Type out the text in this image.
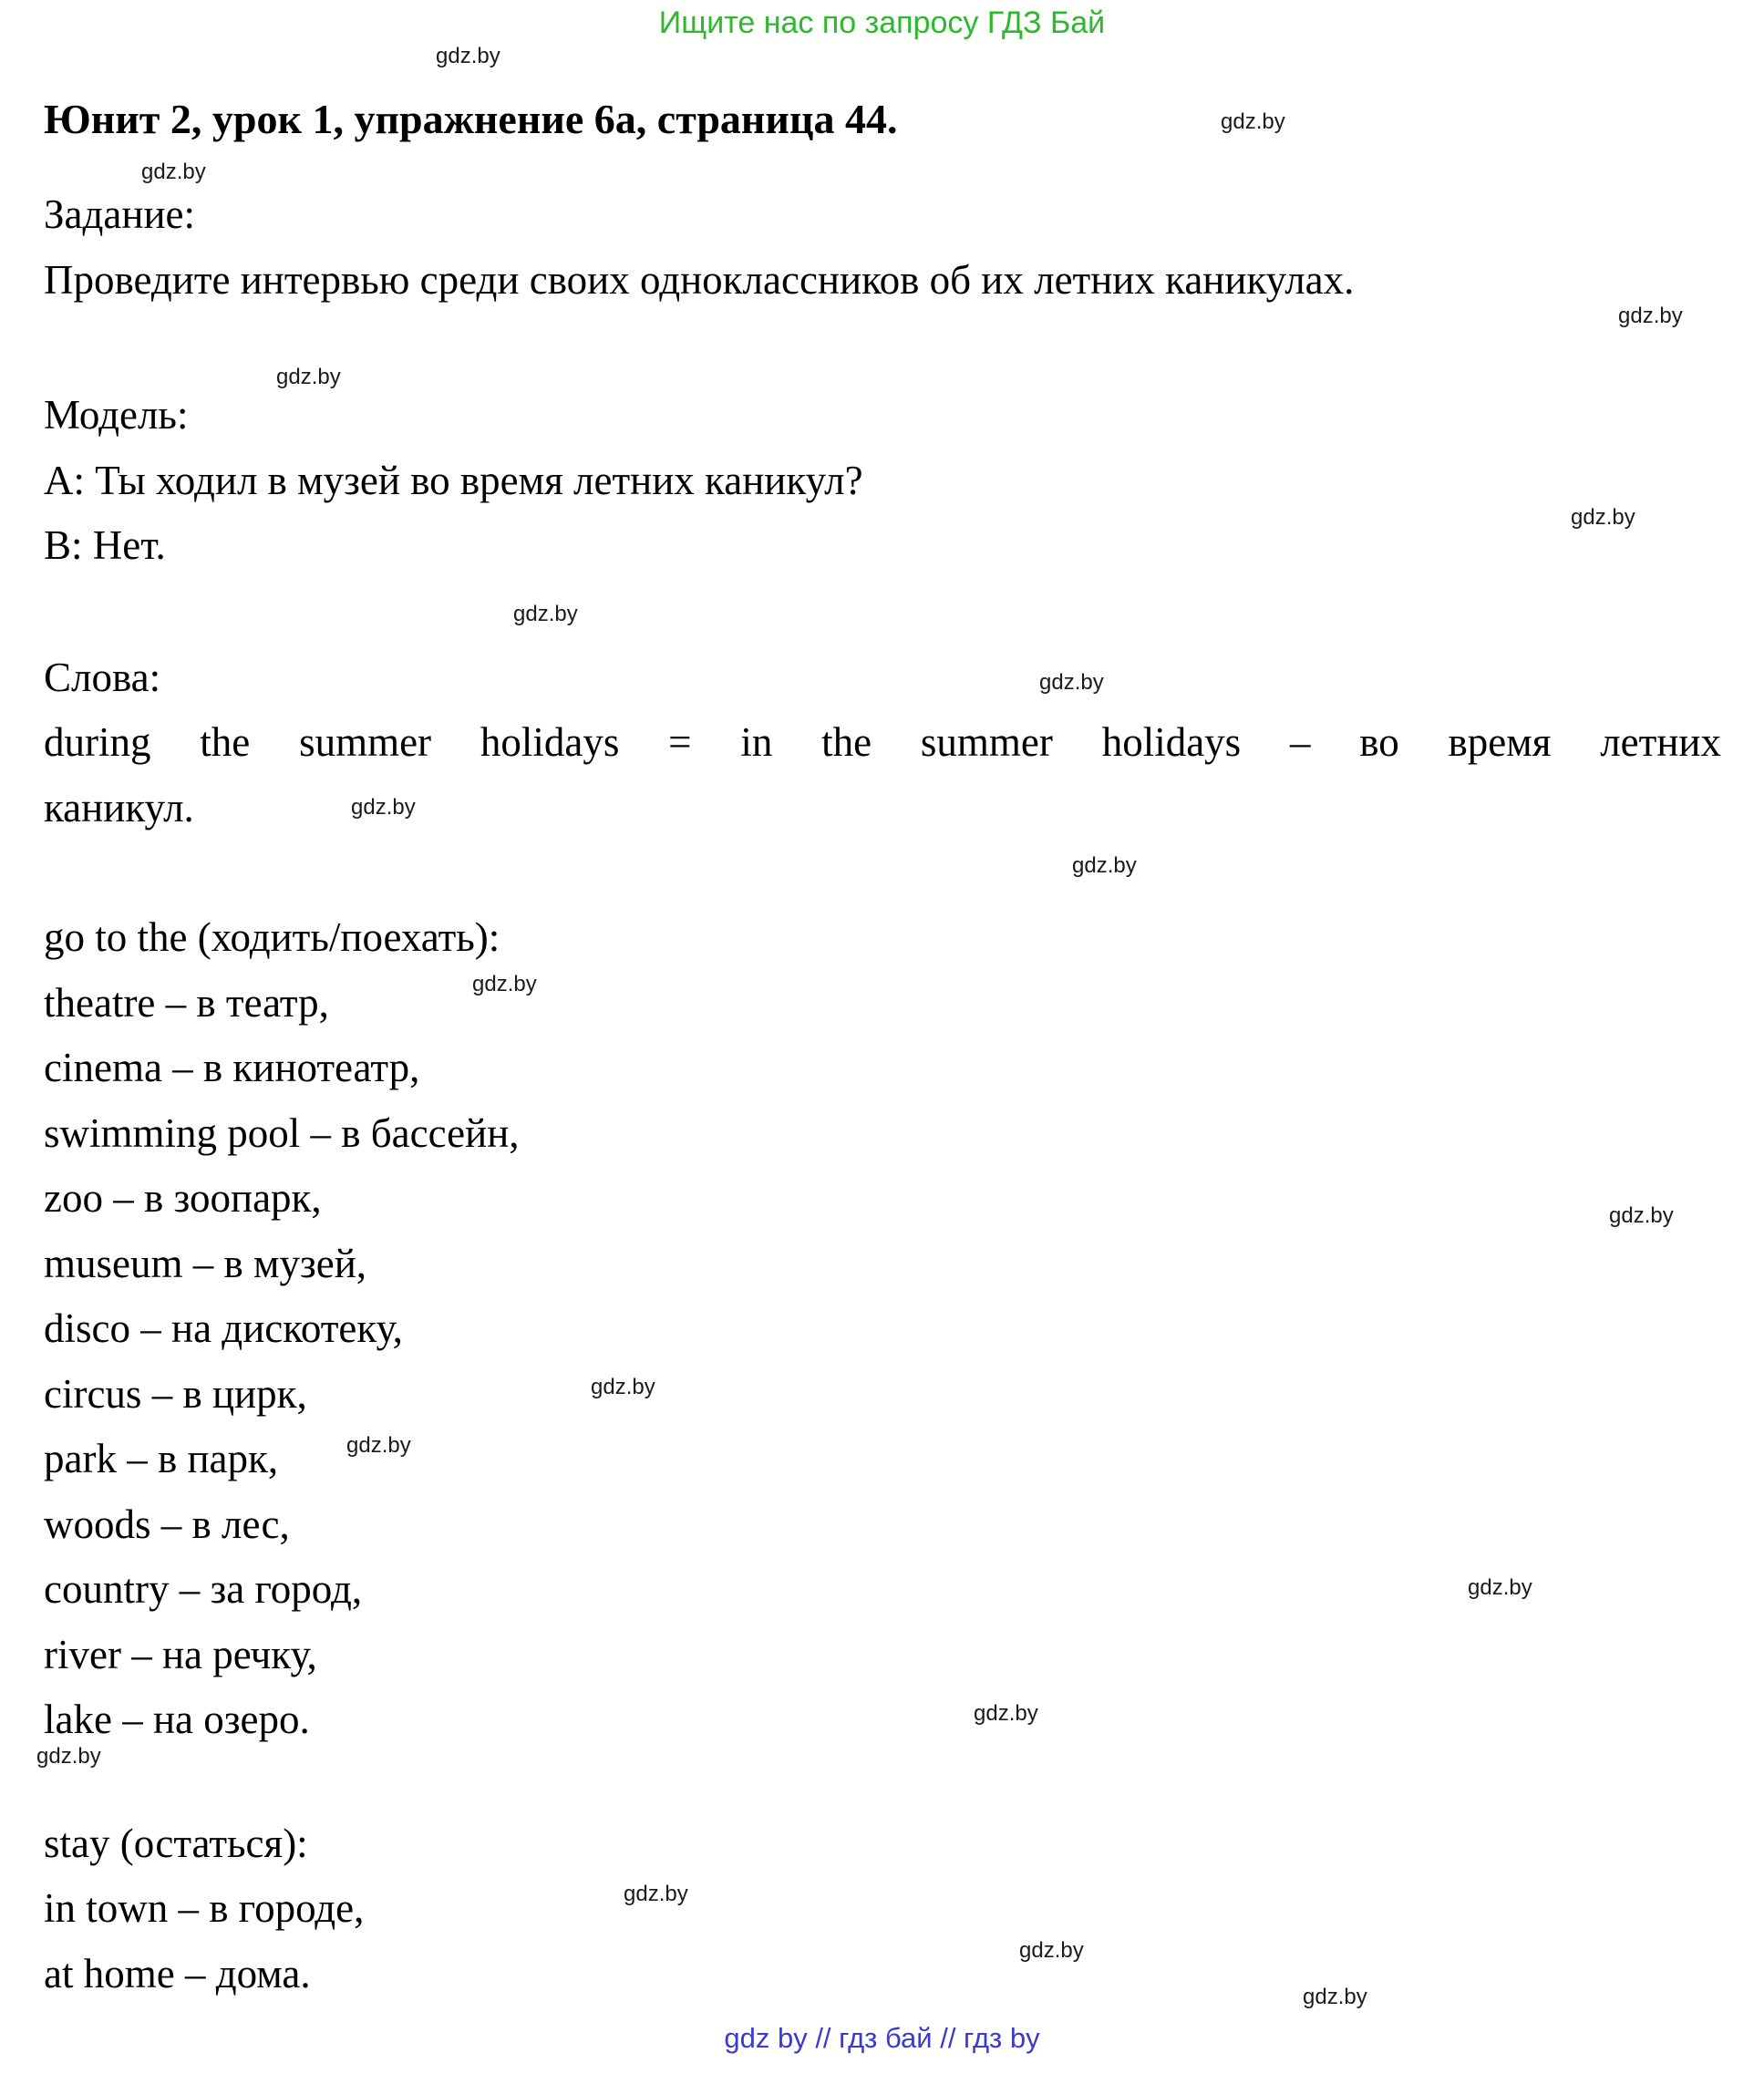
Ищите нас по запросу ГДЗ Бай
gdz.by
gdz.by
gdz.by
gdz.by
gdz.by
gdz.by
gdz.by
gdz.by
gdz.by
gdz.by
gdz.by
gdz.by
gdz.by
gdz.by
gdz.by
gdz.by
gdz.by
gdz.by
gdz.by
gdz.by
Юнит 2, урок 1, упражнение 6а, страница 44.

Задание:

Проведите интервью среди своих одноклассников об их летних каникулах.

Модель:

A: Ты ходил в музей во время летних каникул?

B: Нет.

Слова:

during the summer holidays = in the summer holidays – во время летних

каникул.

go to the (ходить/поехать):

theatre – в театр,

cinema – в кинотеатр,

swimming pool – в бассейн,

zoo – в зоопарк,

museum – в музей,

disco – на дискотеку,

circus – в цирк,

park – в парк,

woods – в лес,

country – за город,

river – на речку,

lake – на озеро.

stay (остаться):

in town – в городе,

at home – дома.

gdz by // гдз бай // гдз by
